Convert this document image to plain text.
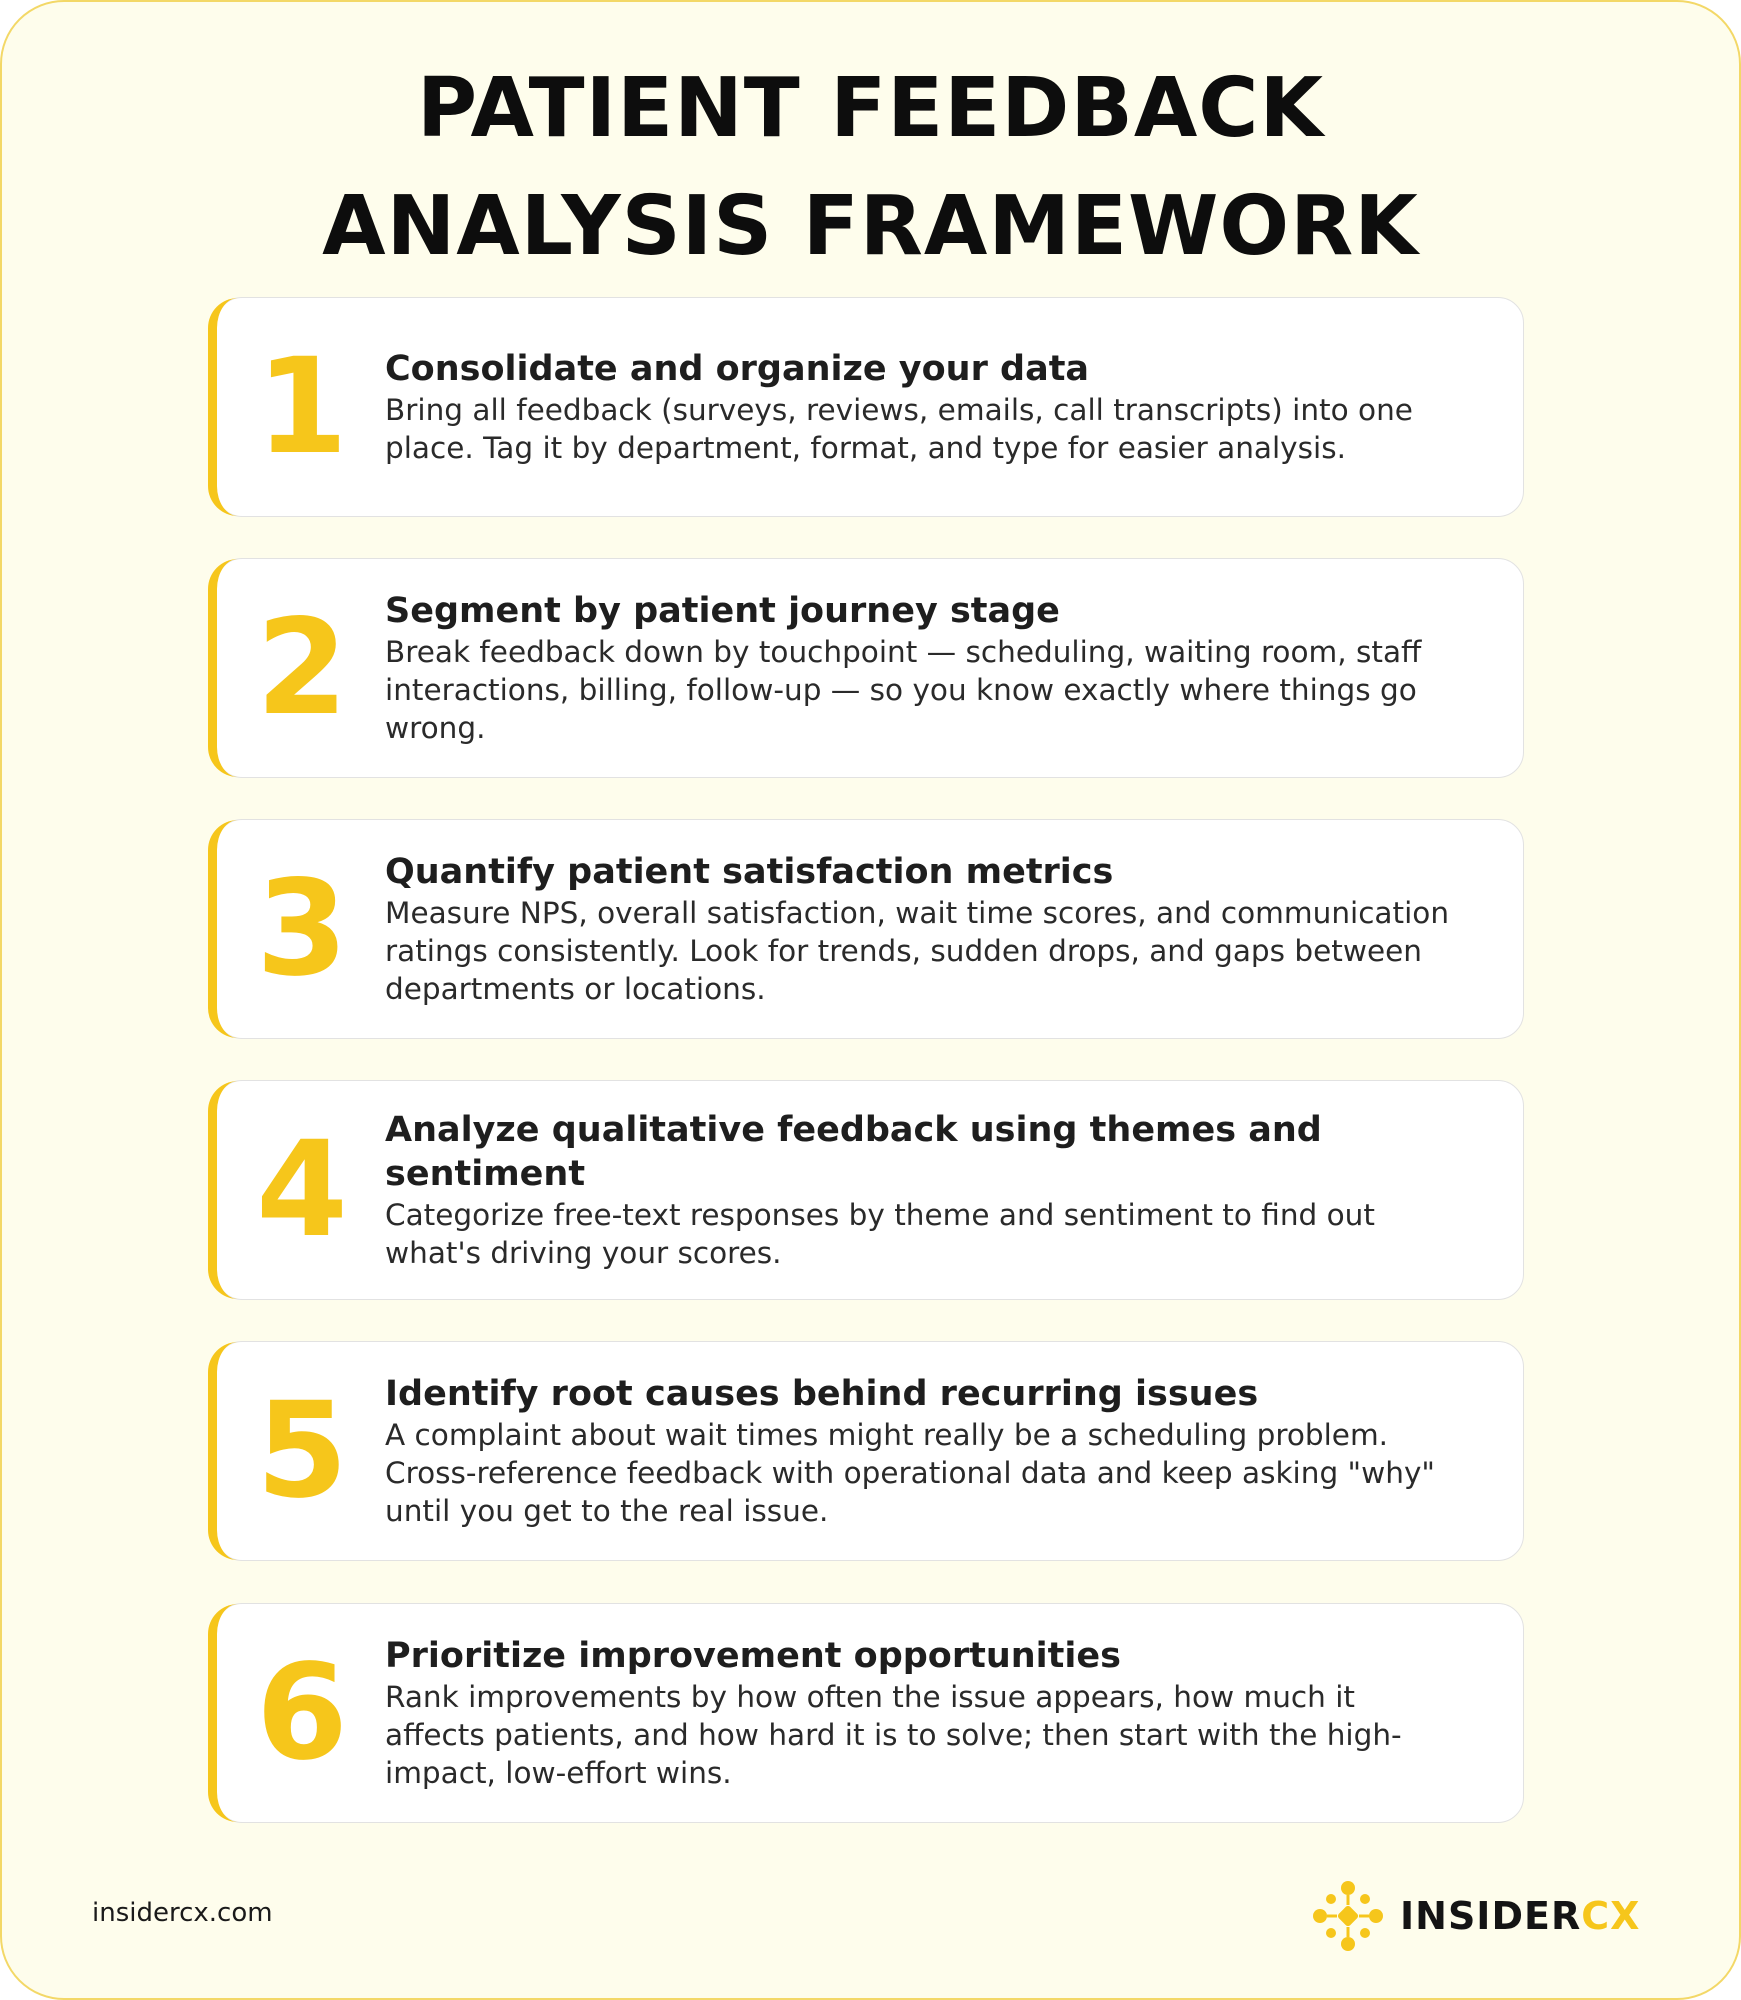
PATIENT FEEDBACK
ANALYSIS FRAMEWORK
1	Consolidate and organize your data
Bring all feedback (surveys, reviews, emails, call transcripts) into one place. Tag it by department, format, and type for easier analysis.
2	Segment by patient journey stage
Break feedback down by touchpoint — scheduling, waiting room, staff interactions, billing, follow-up — so you know exactly where things go wrong.
3	Quantify patient satisfaction metrics
Measure NPS, overall satisfaction, wait time scores, and communication ratings consistently. Look for trends, sudden drops, and gaps between departments or locations.
4	Analyze qualitative feedback using themes and sentiment
Categorize free-text responses by theme and sentiment to find out what's driving your scores.
5	Identify root causes behind recurring issues
A complaint about wait times might really be a scheduling problem. Cross-reference feedback with operational data and keep asking "why" until you get to the real issue.
6	Prioritize improvement opportunities
Rank improvements by how often the issue appears, how much it affects patients, and how hard it is to solve; then start with the high-impact, low-effort wins.
insidercx.com	INSIDERCX
